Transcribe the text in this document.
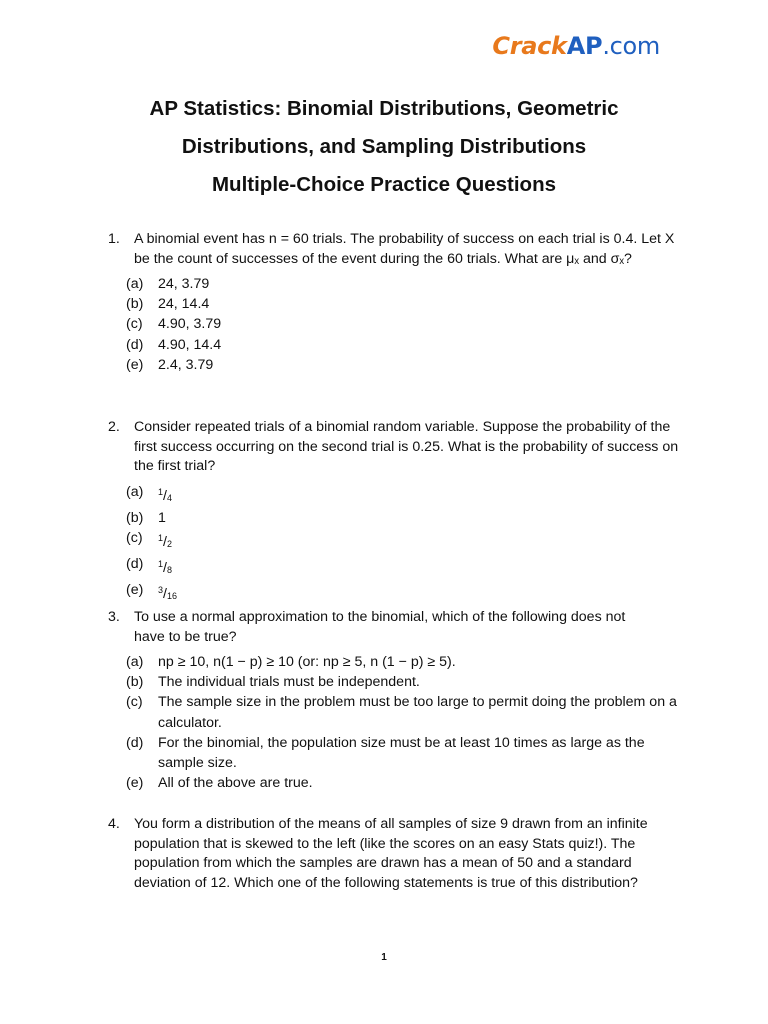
CrackAP.com
AP Statistics: Binomial Distributions, Geometric
Distributions, and Sampling Distributions
Multiple-Choice Practice Questions
1. A binomial event has n = 60 trials. The probability of success on each trial is 0.4. Let X be the count of successes of the event during the 60 trials. What are μₓ and σₓ?
(a)	24, 3.79
(b)	24, 14.4
(c)	4.90, 3.79
(d)	4.90, 14.4
(e)	2.4, 3.79
2. Consider repeated trials of a binomial random variable. Suppose the probability of the first success occurring on the second trial is 0.25. What is the probability of success on the first trial?
(a)	$^1/_4$
(b)	1
(c)	$^1/_2$
(d)	$^1/_8$
(e)	$^3/_{16}$
3. To use a normal approximation to the binomial, which of the following does not have to be true?
(a)	np ≥ 10, n(1 − p) ≥ 10 (or: np ≥ 5, n (1 − p) ≥ 5).
(b)	The individual trials must be independent.
(c)	The sample size in the problem must be too large to permit doing the problem on a calculator.
(d)	For the binomial, the population size must be at least 10 times as large as the sample size.
(e)	All of the above are true.
4. You form a distribution of the means of all samples of size 9 drawn from an infinite population that is skewed to the left (like the scores on an easy Stats quiz!). The population from which the samples are drawn has a mean of 50 and a standard deviation of 12. Which one of the following statements is true of this distribution?
1
